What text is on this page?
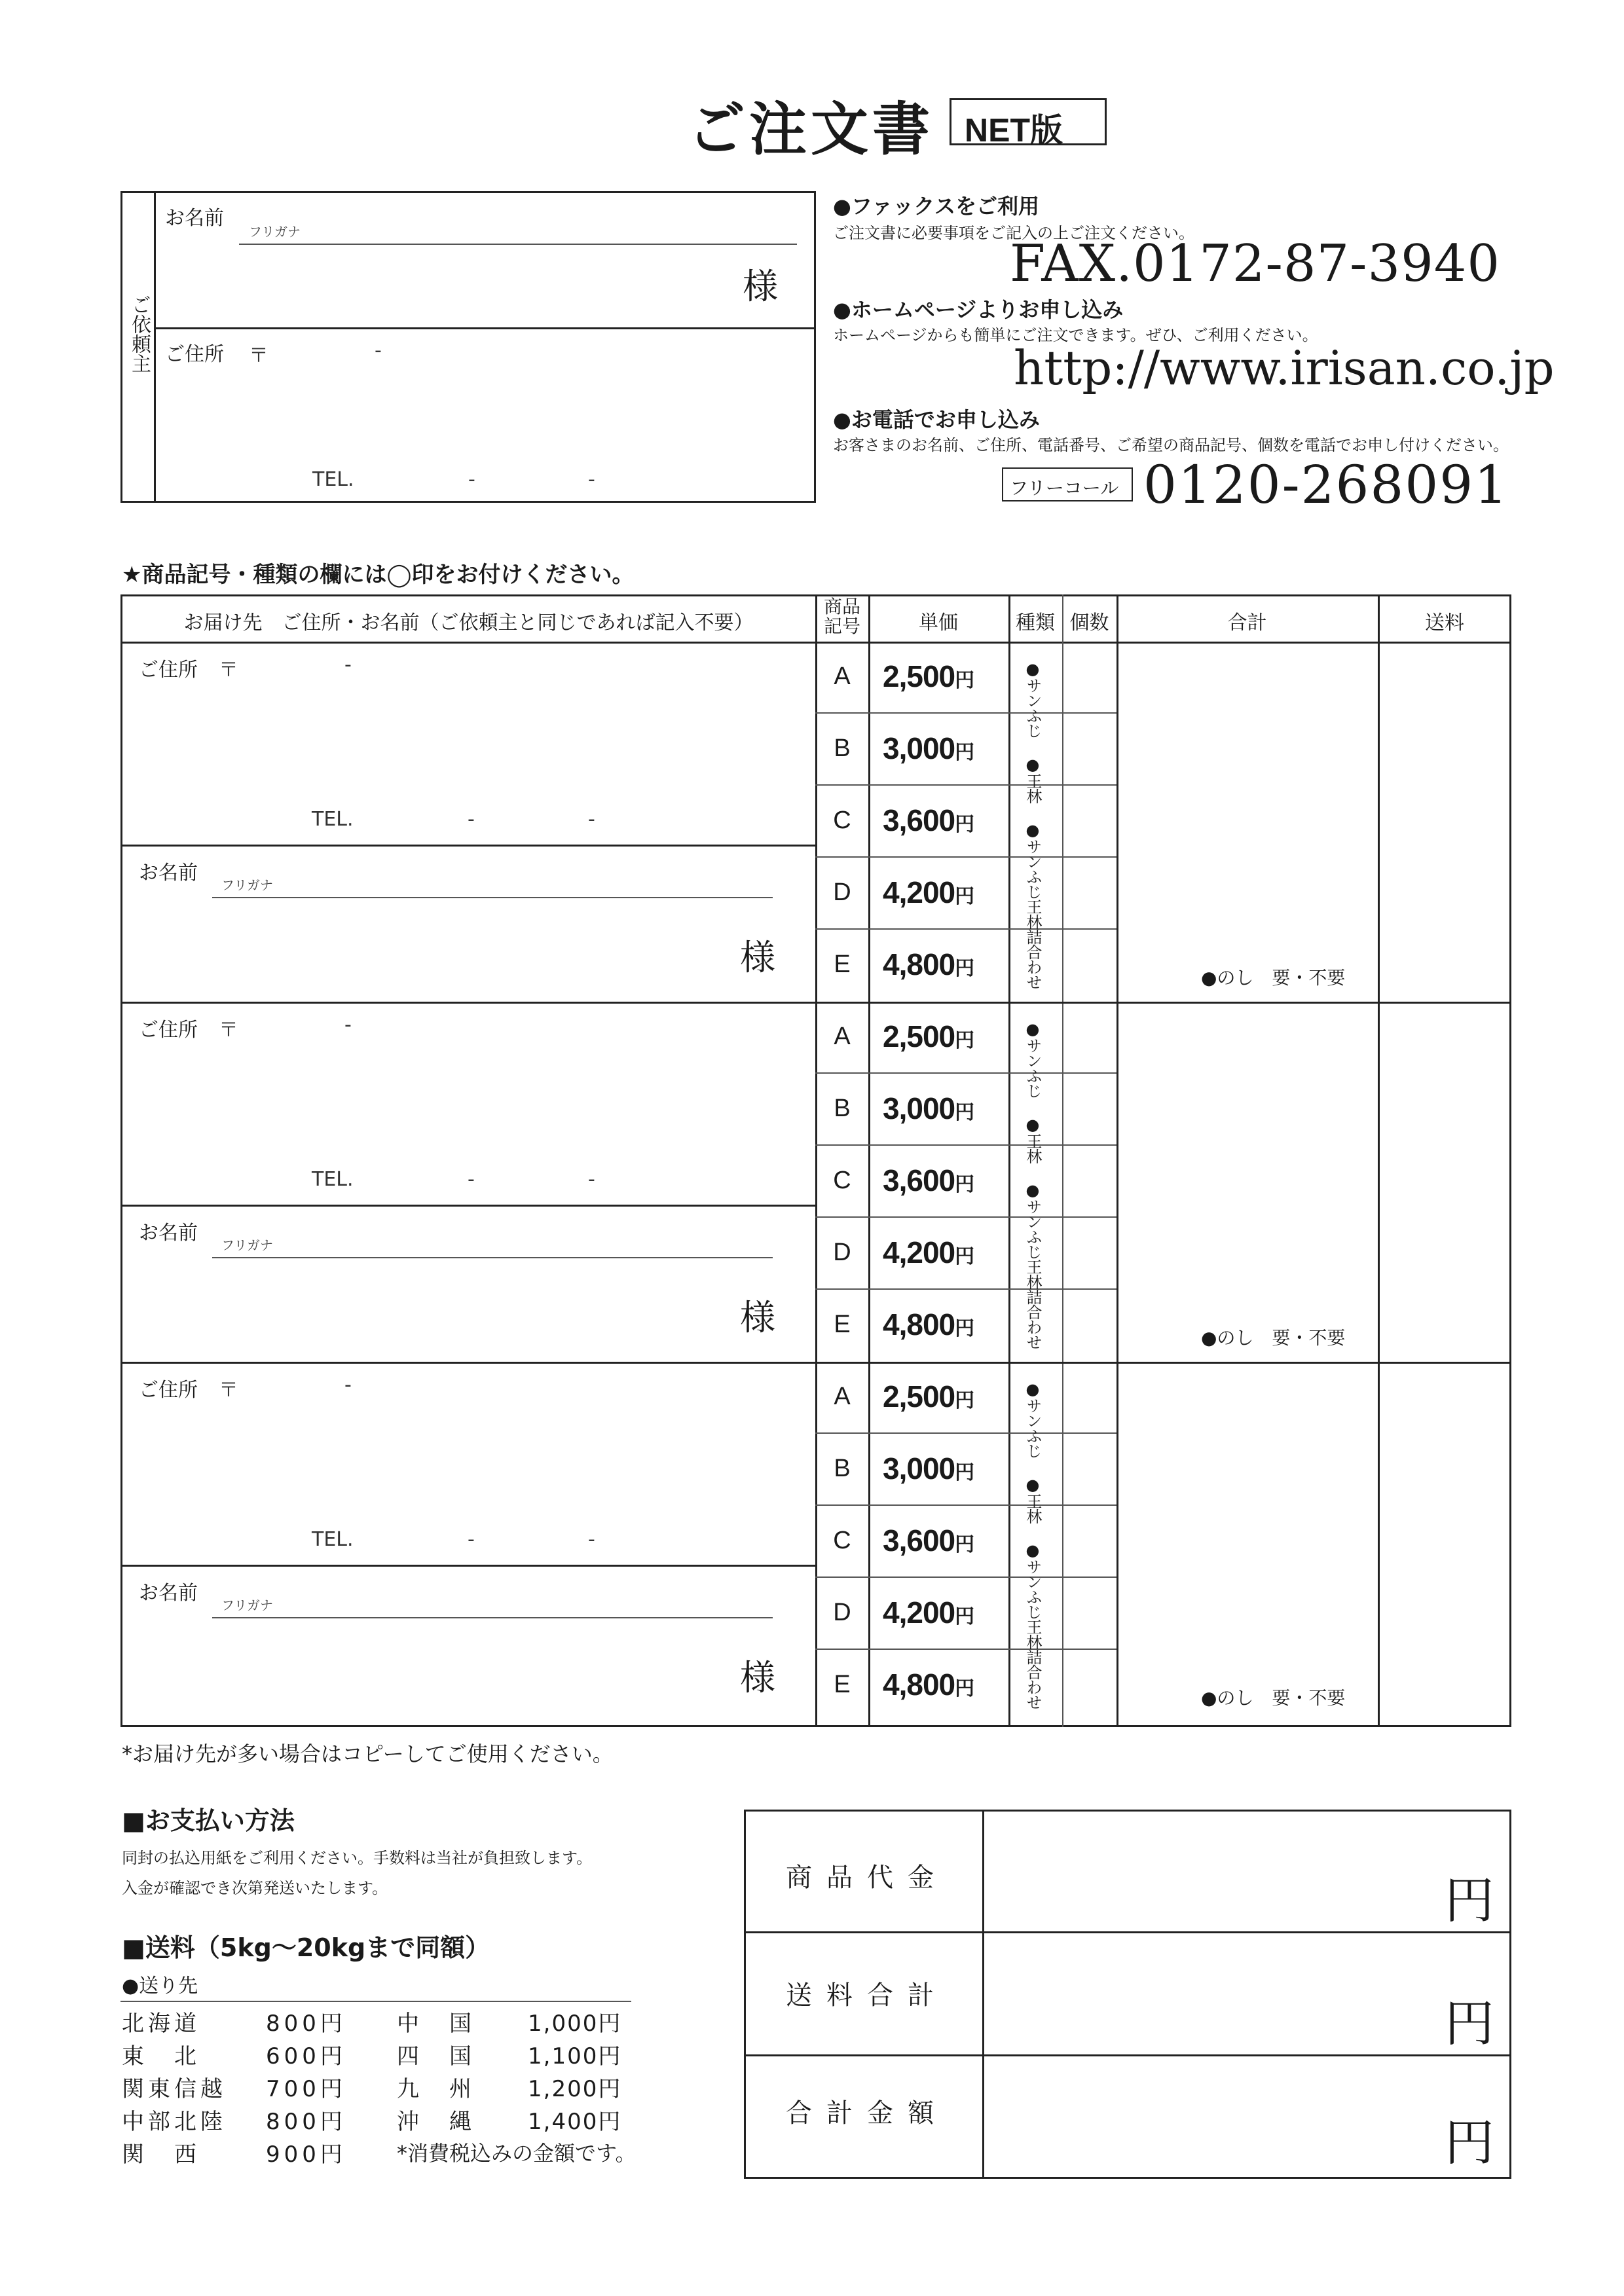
ご注文書 NET版
ご依頼主
お名前
フリガナ
様
ご住所 〒	-
TEL.	-	-
●ファックスをご利用
ご注文書に必要事項をご記入の上ご注文ください。
FAX.0172-87-3940
●ホームページよりお申し込み
ホームページからも簡単にご注文できます。ぜひ、ご利用ください。
http://www.irisan.co.jp
●お電話でお申し込み
お客さまのお名前、ご住所、電話番号、ご希望の商品記号、個数を電話でお申し付けください。
フリーコール 0120-268091
★商品記号・種類の欄には◯印をお付けください。
お届け先　ご住所・お名前（ご依頼主と同じであれば記入不要）
商品記号	単価	種類 個数	合計	送料
ご住所 〒	-
TEL.	-	-
お名前
フリガナ
様
A	2,500円
B	3,000円
C	3,600円
D	4,200円
E	4,800円	●サンふじ ●王林 ●サンふじ王林詰合わせ	●のし　要・不要
ご住所 〒	-
TEL.	-	-
お名前
フリガナ
様
A	2,500円
B	3,000円
C	3,600円
D	4,200円
E	4,800円	●サンふじ ●王林 ●サンふじ王林詰合わせ	●のし　要・不要
ご住所 〒	-
TEL.	-	-
お名前
フリガナ
様
A	2,500円
B	3,000円
C	3,600円
D	4,200円
E	4,800円	●サンふじ ●王林 ●サンふじ王林詰合わせ	●のし　要・不要
*お届け先が多い場合はコピーしてご使用ください。
■お支払い方法
同封の払込用紙をご利用ください。手数料は当社が負担致します。
入金が確認でき次第発送いたします。
■送料（5kg～20kgまで同額）
●送り先
北海道	800円	中　国	1,000円
東　北	600円	四　国	1,100円
関東信越	700円	九　州	1,200円
中部北陸	800円	沖　縄	1,400円
関　西	900円	*消費税込みの金額です。	
商品代金	円
送料合計	円
合計金額	円
